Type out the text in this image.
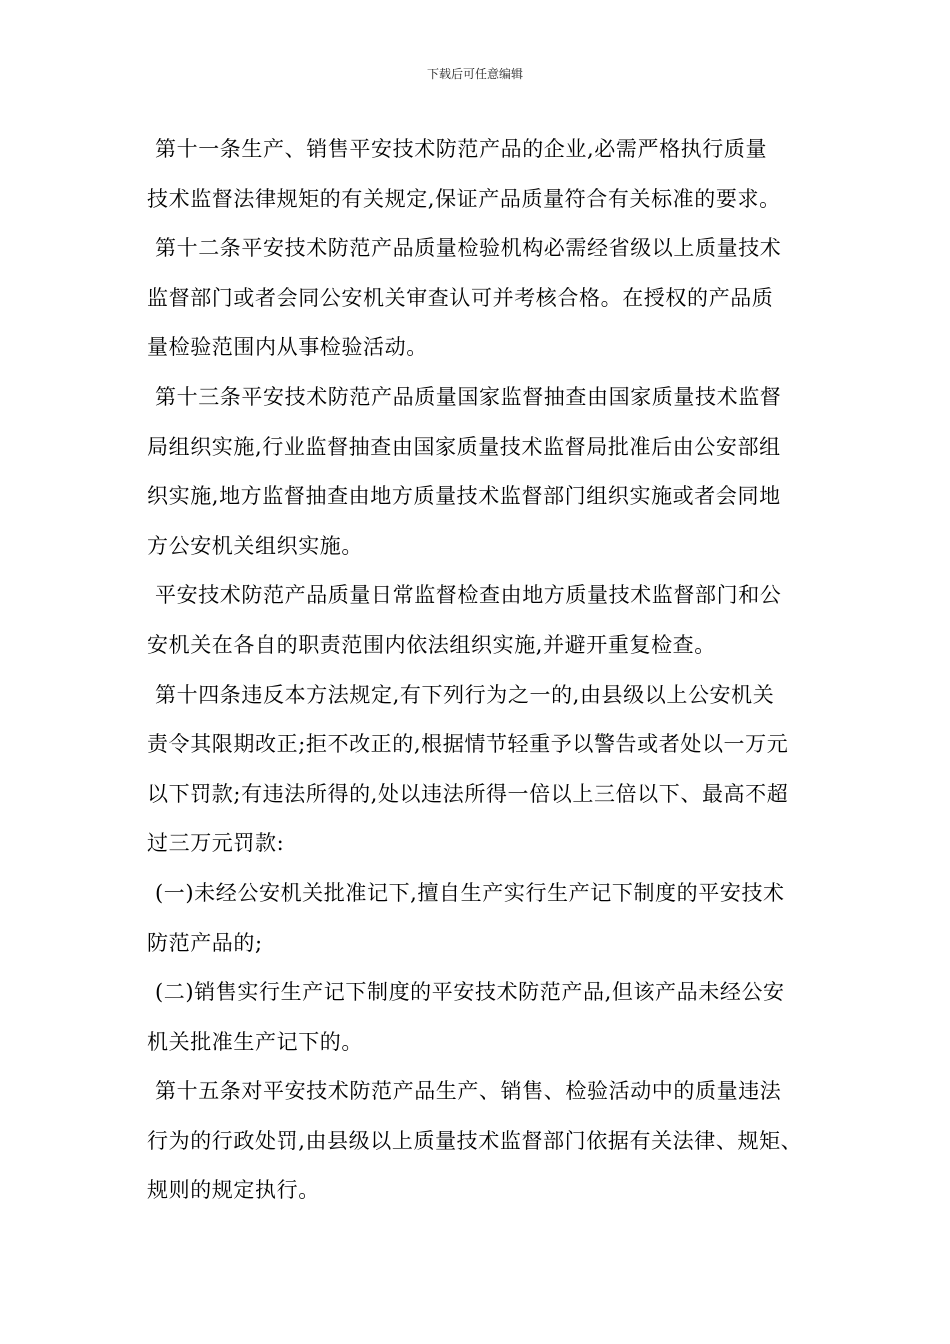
下载后可任意编辑
第十一条生产、销售平安技术防范产品的企业,必需严格执行质量
技术监督法律规矩的有关规定,保证产品质量符合有关标准的要求。
第十二条平安技术防范产品质量检验机构必需经省级以上质量技术
监督部门或者会同公安机关审查认可并考核合格。在授权的产品质
量检验范围内从事检验活动。
第十三条平安技术防范产品质量国家监督抽查由国家质量技术监督
局组织实施,行业监督抽查由国家质量技术监督局批准后由公安部组
织实施,地方监督抽查由地方质量技术监督部门组织实施或者会同地
方公安机关组织实施。
平安技术防范产品质量日常监督检查由地方质量技术监督部门和公
安机关在各自的职责范围内依法组织实施,并避开重复检查。
第十四条违反本方法规定,有下列行为之一的,由县级以上公安机关
责令其限期改正;拒不改正的,根据情节轻重予以警告或者处以一万元
以下罚款;有违法所得的,处以违法所得一倍以上三倍以下、最高不超
过三万元罚款:
(一)未经公安机关批准记下,擅自生产实行生产记下制度的平安技术
防范产品的;
(二)销售实行生产记下制度的平安技术防范产品,但该产品未经公安
机关批准生产记下的。
第十五条对平安技术防范产品生产、销售、检验活动中的质量违法
行为的行政处罚,由县级以上质量技术监督部门依据有关法律、规矩、
规则的规定执行。
